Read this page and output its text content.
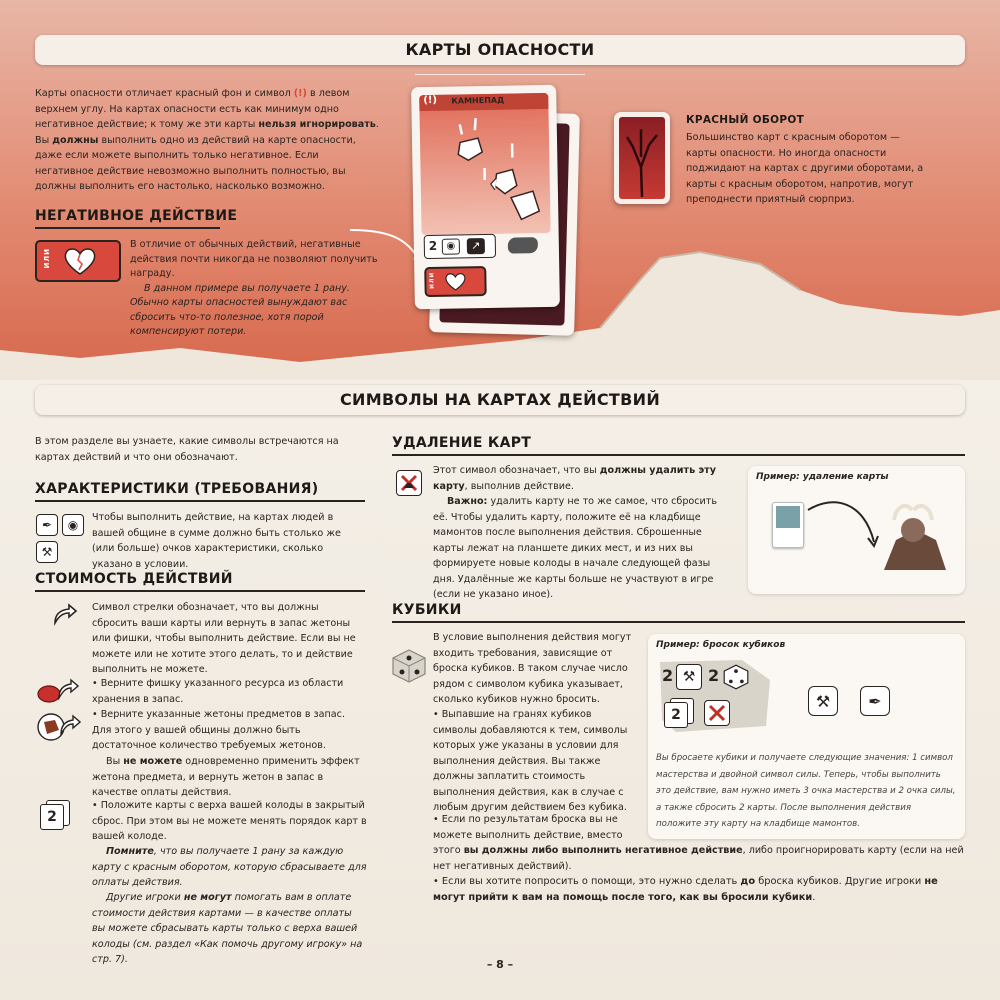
КАРТЫ ОПАСНОСТИ
Карты опасности отличает красный фон и символ (!) в левом верхнем углу. На картах опасности есть как минимум одно негативное действие; к тому же эти карты нельзя игнорировать. Вы должны выполнить одно из действий на карте опасности, даже если можете выполнить только негативное. Если негативное действие невозможно выполнить полностью, вы должны выполнить его настолько, насколько возможно.
НЕГАТИВНОЕ ДЕЙСТВИЕ
ИЛИ
В отличие от обычных действий, негативные действия почти никогда не позволяют получить награду.
В данном примере вы получаете 1 рану. Обычно карты опасностей вынуждают вас сбросить что-то полезное, хотя порой компенсируют потери.
(!) КАМНЕПАД
2 ◉	↗
ИЛИ
КРАСНЫЙ ОБОРОТ
Большинство карт с красным оборотом — карты опасности. Но иногда опасности поджидают на картах с другими оборотами, а карты с красным оборотом, напротив, могут преподнести приятный сюрприз.
СИМВОЛЫ НА КАРТАХ ДЕЙСТВИЙ
В этом разделе вы узнаете, какие символы встречаются на картах действий и что они обозначают.
ХАРАКТЕРИСТИКИ (ТРЕБОВАНИЯ)
✒ ◉
⚒
Чтобы выполнить действие, на картах людей в вашей общине в сумме должно быть столько же (или больше) очков характеристики, сколько указано в условии.
СТОИМОСТЬ ДЕЙСТВИЙ
Символ стрелки обозначает, что вы должны сбросить ваши карты или вернуть в запас жетоны или фишки, чтобы выполнить действие. Если вы не можете или не хотите этого делать, то и действие выполнить не можете.
• Верните фишку указанного ресурса из области хранения в запас.
• Верните указанные жетоны предметов в запас. Для этого у вашей общины должно быть достаточное количество требуемых жетонов.
Вы не можете одновременно применить эффект жетона предмета, и вернуть жетон в запас в качестве оплаты действия.
2
• Положите карты с верха вашей колоды в закрытый сброс. При этом вы не можете менять порядок карт в вашей колоде.
Помните, что вы получаете 1 рану за каждую карту с красным оборотом, которую сбрасываете для оплаты действия.
Другие игроки не могут помогать вам в оплате стоимости действия картами — в качестве оплаты вы можете сбрасывать карты только с верха вашей колоды (см. раздел «Как помочь другому игроку» на стр. 7).
УДАЛЕНИЕ КАРТ
Этот символ обозначает, что вы должны удалить эту карту, выполнив действие.
Важно: удалить карту не то же самое, что сбросить её. Чтобы удалить карту, положите её на кладбище мамонтов после выполнения действия. Сброшенные карты лежат на планшете диких мест, и из них вы формируете новые колоды в начале следующей фазы дня. Удалённые же карты больше не участвуют в игре (если не указано иное).
Пример: удаление карты
КУБИКИ
В условие выполнения действия могут входить требования, зависящие от броска кубиков. В таком случае число рядом с символом кубика указывает, сколько кубиков нужно бросить.
• Выпавшие на гранях кубиков символы добавляются к тем, символы которых уже указаны в условии для выполнения действия. Вы также должны заплатить стоимость выполнения действия, как в случае с любым другим действием без кубика.
• Если по результатам броска вы не можете выполнить действие, вместо
этого вы должны либо выполнить негативное действие, либо проигнорировать карту (если на ней нет негативных действий).
• Если вы хотите попросить о помощи, это нужно сделать до броска кубиков. Другие игроки не могут прийти к вам на помощь после того, как вы бросили кубики.
Пример: бросок кубиков
2 ⚒ 2
2
⚒ ✒
Вы бросаете кубики и получаете следующие значения: 1 символ мастерства и двойной символ силы. Теперь, чтобы выполнить это действие, вам нужно иметь 3 очка мастерства и 2 очка силы, а также сбросить 2 карты. После выполнения действия положите эту карту на кладбище мамонтов.
– 8 –
